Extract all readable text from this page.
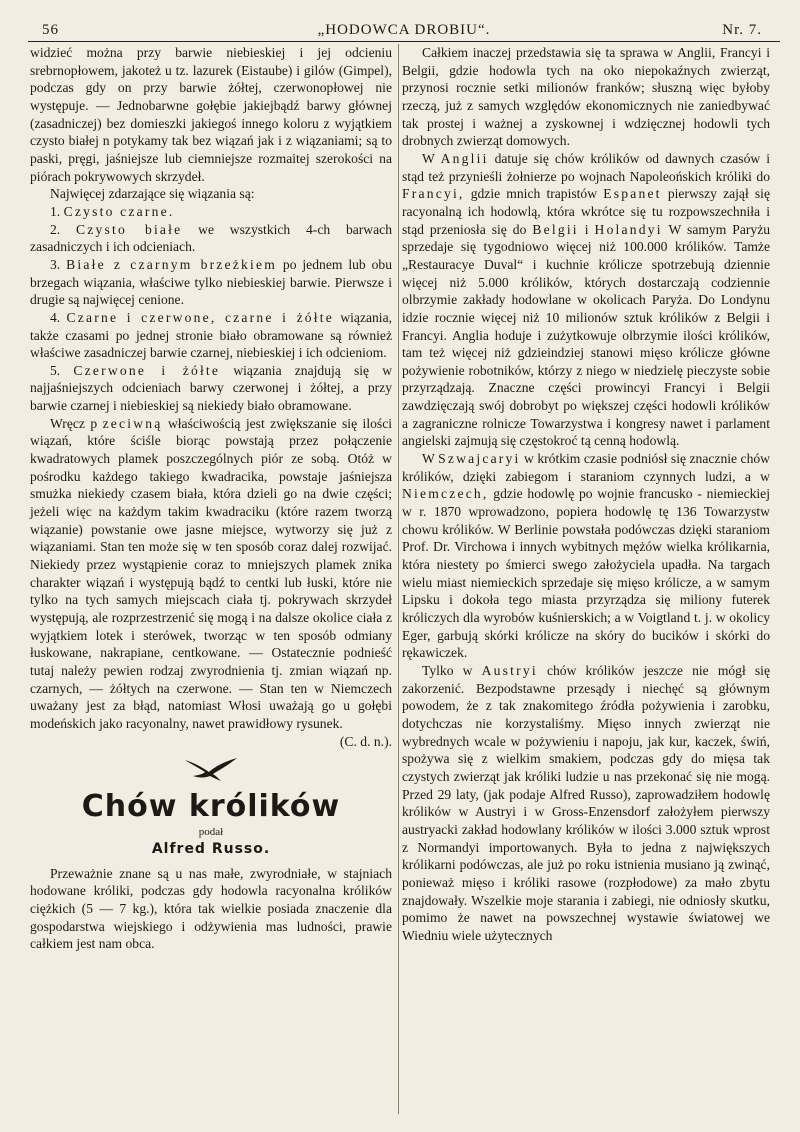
56	„HODOWCA DROBIU“.	Nr. 7.

widzieć można przy barwie niebieskiej i jej odcieniu srebrnopłowem, jakoteż u tz. lazurek (Eistaube) i gilów (Gimpel), podczas gdy on przy barwie żółtej, czerwonopłowej nie występuje. — Jednobarwne gołębie jakiejbądź barwy głównej (zasadniczej) bez domieszki jakiegoś innego koloru z wyjątkiem czysto białej n potykamy tak bez wiązań jak i z wiązaniami; są to paski, pręgi, jaśniejsze lub ciemniejsze rozmaitej szerokości na piórach pokrywowych skrzydeł.

Najwięcej zdarzające się wiązania są:

1. Czysto czarne.

2. Czysto białe we wszystkich 4-ch barwach zasadniczych i ich odcieniach.

3. Białe z czarnym brzeżkiem po jednem lub obu brzegach wiązania, właściwe tylko niebieskiej barwie. Pierwsze i drugie są najwięcej cenione.

4. Czarne i czerwone, czarne i żółte wiązania, także czasami po jednej stronie biało obramowane są również właściwe zasadniczej barwie czarnej, niebieskiej i ich odcieniom.

5. Czerwone i żółte wiązania znajdują się w najjaśniejszych odcieniach barwy czerwonej i żółtej, a przy barwie czarnej i niebieskiej są niekiedy biało obramowane.

Wręcz p zeciwną właściwością jest zwiększanie się ilości wiązań, które ściśle biorąc powstają przez połączenie kwadratowych plamek poszczególnych piór ze sobą. Otóż w pośrodku każdego takiego kwadracika, powstaje jaśniejsza smużka niekiedy czasem biała, która dzieli go na dwie części; jeżeli więc na każdym takim kwadraciku (które razem tworzą wiązanie) powstanie owe jasne miejsce, wytworzy się już z wiązaniami. Stan ten może się w ten sposób coraz dalej rozwijać. Niekiedy przez wystąpienie coraz to mniejszych plamek znika charakter wiązań i występują bądź to centki lub łuski, które nie tylko na tych samych miejscach ciała tj. pokrywach skrzydeł występują, ale rozprzestrzenić się mogą i na dalsze okolice ciała z wyjątkiem lotek i sterówek, tworząc w ten sposób odmiany łuskowane, nakrapiane, centkowane. — Ostatecznie podnieść tutaj należy pewien rodzaj zwyrodnienia tj. zmian wiązań np. czarnych, — żółtych na czerwone. — Stan ten w Niemczech uważany jest za błąd, natomiast Włosi uważają go u gołębi modeńskich jako racyonalny, nawet prawidłowy rysunek.

(C. d. n.).

Chów królików
podał
Alfred Russo.

Przeważnie znane są u nas małe, zwyrodniałe, w stajniach hodowane króliki, podczas gdy hodowla racyonalna królików ciężkich (5 — 7 kg.), która tak wielkie posiada znaczenie dla gospodarstwa wiejskiego i odżywienia mas ludności, prawie całkiem jest nam obca.

Całkiem inaczej przedstawia się ta sprawa w Anglii, Francyi i Belgii, gdzie hodowla tych na oko niepokaźnych zwierząt, przynosi rocznie setki milionów franków; słuszną więc byłoby rzeczą, już z samych względów ekonomicznych nie zaniedbywać tak prostej i ważnej a zyskownej i wdzięcznej hodowli tych drobnych zwierząt domowych.

W Anglii datuje się chów królików od dawnych czasów i stąd też przynieśli żołnierze po wojnach Napoleońskich króliki do Francyi, gdzie mnich trapistów Espanet pierwszy zajął się racyonalną ich hodowlą, która wkrótce się tu rozpowszechniła i stąd przeniosła się do Belgii i Holandyi W samym Paryżu sprzedaje się tygodniowo więcej niż 100.000 królików. Tamże „Restauracye Duval“ i kuchnie królicze spotrzebują dziennie więcej niż 5.000 królików, których dostarczają codziennie olbrzymie zakłady hodowlane w okolicach Paryża. Do Londynu idzie rocznie więcej niż 10 milionów sztuk królików z Belgii i Francyi. Anglia hoduje i zużytkowuje olbrzymie ilości królików, tam też więcej niż gdzieindziej stanowi mięso królicze główne pożywienie robotników, którzy z niego w niedzielę pieczyste sobie przyrządzają. Znaczne części prowincyi Francyi i Belgii zawdzięczają swój dobrobyt po większej części hodowli królików a zagraniczne rolnicze Towarzystwa i kongresy nawet i parlament angielski zajmują się częstokroć tą cenną hodowlą.

W Szwajcaryi w krótkim czasie podniósł się znacznie chów królików, dzięki zabiegom i staraniom czynnych ludzi, a w Niemczech, gdzie hodowlę po wojnie francusko - niemieckiej w r. 1870 wprowadzono, popiera hodowlę tę 136 Towarzystw chowu królików. W Berlinie powstała podówczas dzięki staraniom Prof. Dr. Virchowa i innych wybitnych mężów wielka królikarnia, która niestety po śmierci swego założyciela upadła. Na targach wielu miast niemieckich sprzedaje się mięso królicze, a w samym Lipsku i dokoła tego miasta przyrządza się miliony futerek króliczych dla wyrobów kuśnierskich; a w Voigtland t. j. w okolicy Eger, garbują skórki królicze na skóry do bucików i skórki do rękawiczek.

Tylko w Austryi chów królików jeszcze nie mógł się zakorzenić. Bezpodstawne przesądy i niechęć są głównym powodem, że z tak znakomitego źródła pożywienia i zarobku, dotychczas nie korzystaliśmy. Mięso innych zwierząt nie wybrednych wcale w pożywieniu i napoju, jak kur, kaczek, świń, spożywa się z wielkim smakiem, podczas gdy do mięsa tak czystych zwierząt jak króliki ludzie u nas przekonać się nie mogą. Przed 29 laty, (jak podaje Alfred Russo), zaprowadziłem hodowlę królików w Austryi i w Gross-Enzensdorf założyłem pierwszy austryacki zakład hodowlany królików w ilości 3.000 sztuk wprost z Normandyi importowanych. Była to jedna z największych królikarni podówczas, ale już po roku istnienia musiano ją zwinąć, ponieważ mięso i króliki rasowe (rozpłodowe) za mało zbytu znajdowały. Wszelkie moje starania i zabiegi, nie odniosły skutku, pomimo że nawet na powszechnej wystawie światowej we Wiedniu wiele użytecznych
